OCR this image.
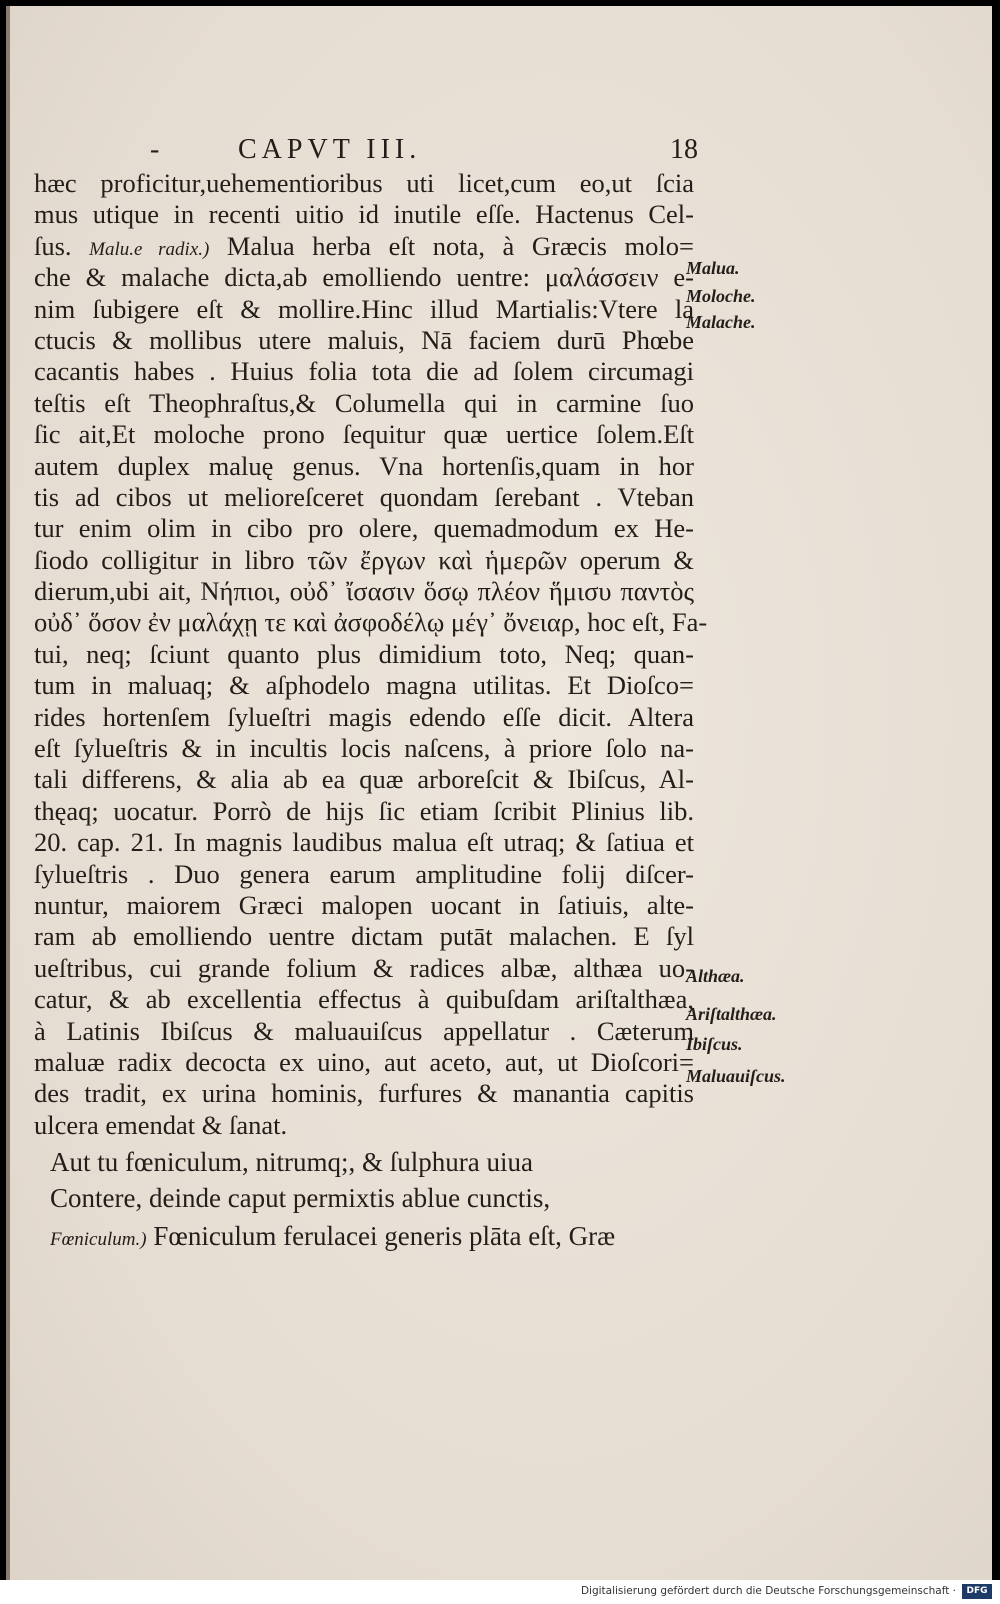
-	CAPVT III.	18
hæc proficitur,uehementioribus uti licet,cum eo,ut ſcia
mus utique in recenti uitio id inutile eſſe. Hactenus Cel-
ſus. Malu.e radix.) Malua herba eſt nota, à Græcis molo=
che & malache dicta,ab emolliendo uentre: μαλάσσειν e-
nim ſubigere eſt & mollire.Hinc illud Martialis:Vtere la
ctucis & mollibus utere maluis, Nā faciem durū Phœbe
cacantis habes . Huius folia tota die ad ſolem circumagi
teſtis eſt Theophraſtus,& Columella qui in carmine ſuo
ſic ait,Et moloche prono ſequitur quæ uertice ſolem.Eſt
autem duplex maluę genus. Vna hortenſis,quam in hor
tis ad cibos ut melioreſceret quondam ſerebant . Vteban
tur enim olim in cibo pro olere, quemadmodum ex He-
ſiodo colligitur in libro τῶν ἔργων καὶ ἡμερῶν operum &
dierum,ubi ait, Νήπιοι, οὐδ᾽ ἴσασιν ὅσῳ πλέον ἥμισυ παντὸς
οὐδ᾽ ὅσον ἐν μαλάχῃ τε καὶ ἀσφοδέλῳ μέγ᾽ ὄνειαρ, hoc eſt, Fa-
tui, neq; ſciunt quanto plus dimidium toto, Neq; quan-
tum in maluaq; & aſphodelo magna utilitas. Et Dioſco=
rides hortenſem ſylueſtri magis edendo eſſe dicit. Altera
eſt ſylueſtris & in incultis locis naſcens, à priore ſolo na-
tali differens, & alia ab ea quæ arboreſcit & Ibiſcus, Al-
thęaq; uocatur. Porrò de hijs ſic etiam ſcribit Plinius lib.
20. cap. 21. In magnis laudibus malua eſt utraq; & ſatiua et
ſylueſtris . Duo genera earum amplitudine folij diſcer-
nuntur, maiorem Græci malopen uocant in ſatiuis, alte-
ram ab emolliendo uentre dictam putāt malachen. E ſyl
ueſtribus, cui grande folium & radices albæ, althæa uo-
catur, & ab excellentia effectus à quibuſdam ariſtalthæa,
à Latinis Ibiſcus & maluauiſcus appellatur . Cæterum
maluæ radix decocta ex uino, aut aceto, aut, ut Dioſcori=
des tradit, ex urina hominis, furfures & manantia capitis
ulcera emendat & ſanat.
Aut tu fœniculum, nitrumq;, & ſulphura uiua
Contere, deinde caput permixtis ablue cunctis,
Fœniculum.) Fœniculum ferulacei generis plāta eſt, Græ
Malua.
Moloche.
Malache.
Althæa.
Ariſtalthæa.
Ibiſcus.
Maluauiſcus.
Digitalisierung gefördert durch die Deutsche Forschungsgemeinschaft ·	DFG
